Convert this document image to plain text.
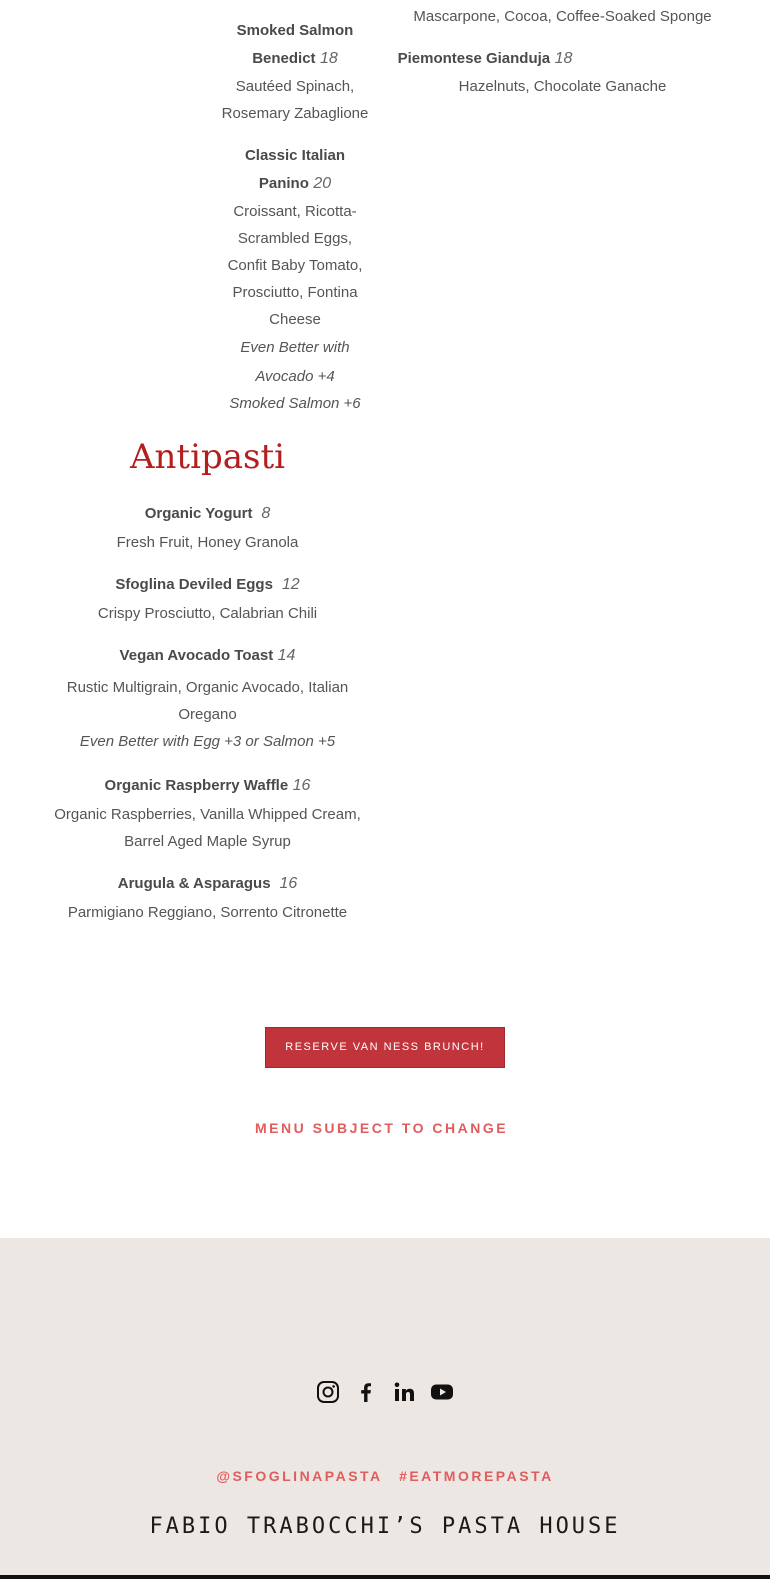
Mascarpone, Cocoa, Coffee-Soaked Sponge
Piemontese Gianduja 18
Hazelnuts, Chocolate Ganache
Smoked Salmon
Benedict 18
Sautéed Spinach,
Rosemary Zabaglione
Classic Italian
Panino 20
Croissant, Ricotta-
Scrambled Eggs,
Confit Baby Tomato,
Prosciutto, Fontina
Cheese
Even Better with
Avocado +4
Smoked Salmon +6
Antipasti
Organic Yogurt 8
Fresh Fruit, Honey Granola
Sfoglina Deviled Eggs 12
Crispy Prosciutto, Calabrian Chili
Vegan Avocado Toast 14
Rustic Multigrain, Organic Avocado, Italian
Oregano
Even Better with Egg +3 or Salmon +5
Organic Raspberry Waffle 16
Organic Raspberries, Vanilla Whipped Cream,
Barrel Aged Maple Syrup
Arugula & Asparagus 16
Parmigiano Reggiano, Sorrento Citronette
RESERVE VAN NESS BRUNCH!
MENU SUBJECT TO CHANGE
@SFOGLINAPASTA #EATMOREPASTA
FABIO TRABOCCHI’S PASTA HOUSE
